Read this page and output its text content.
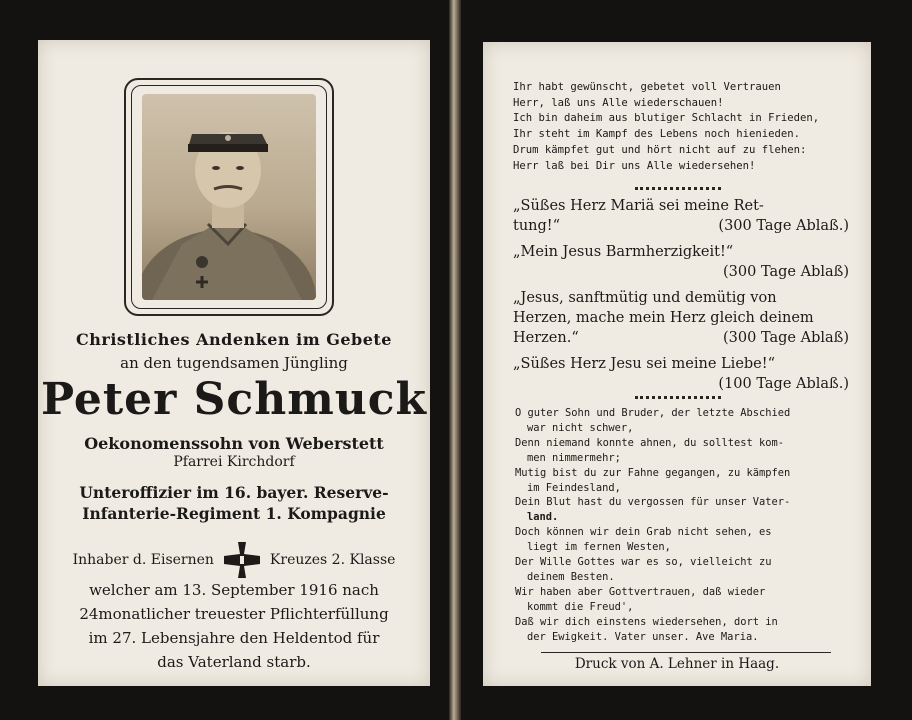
Christliches Andenken im Gebete
an den tugendsamen Jüngling
Peter Schmuck
Oekonomenssohn von Weberstett
Pfarrei Kirchdorf
Unteroffizier im 16. bayer. Reserve-
Infanterie-Regiment 1. Kompagnie
Inhaber d. Eisernen	Kreuzes 2. Klasse
welcher am 13. September 1916 nach
24monatlicher treuester Pflichterfüllung
im 27. Lebensjahre den Heldentod für
das Vaterland starb.
Ihr habt gewünscht, gebetet voll Vertrauen
Herr, laß uns Alle wiederschauen!
Ich bin daheim aus blutiger Schlacht in Frieden,
Ihr steht im Kampf des Lebens noch hienieden.
Drum kämpfet gut und hört nicht auf zu flehen:
Herr laß bei Dir uns Alle wiedersehen!
„Süßes Herz Mariä sei meine Ret-
tung!“	(300 Tage Ablaß.)
„Mein Jesus Barmherzigkeit!“
(300 Tage Ablaß)
„Jesus, sanftmütig und demütig von
Herzen, mache mein Herz gleich deinem
Herzen.“	(300 Tage Ablaß)
„Süßes Herz Jesu sei meine Liebe!“
(100 Tage Ablaß.)
O guter Sohn und Bruder, der letzte Abschied
war nicht schwer,
Denn niemand konnte ahnen, du solltest kom-
men nimmermehr;
Mutig bist du zur Fahne gegangen, zu kämpfen
im Feindesland,
Dein Blut hast du vergossen für unser Vater-
land.
Doch können wir dein Grab nicht sehen, es
liegt im fernen Westen,
Der Wille Gottes war es so, vielleicht zu
deinem Besten.
Wir haben aber Gottvertrauen, daß wieder
kommt die Freud',
Daß wir dich einstens wiedersehen, dort in
der Ewigkeit. Vater unser. Ave Maria.
Druck von A. Lehner in Haag.
